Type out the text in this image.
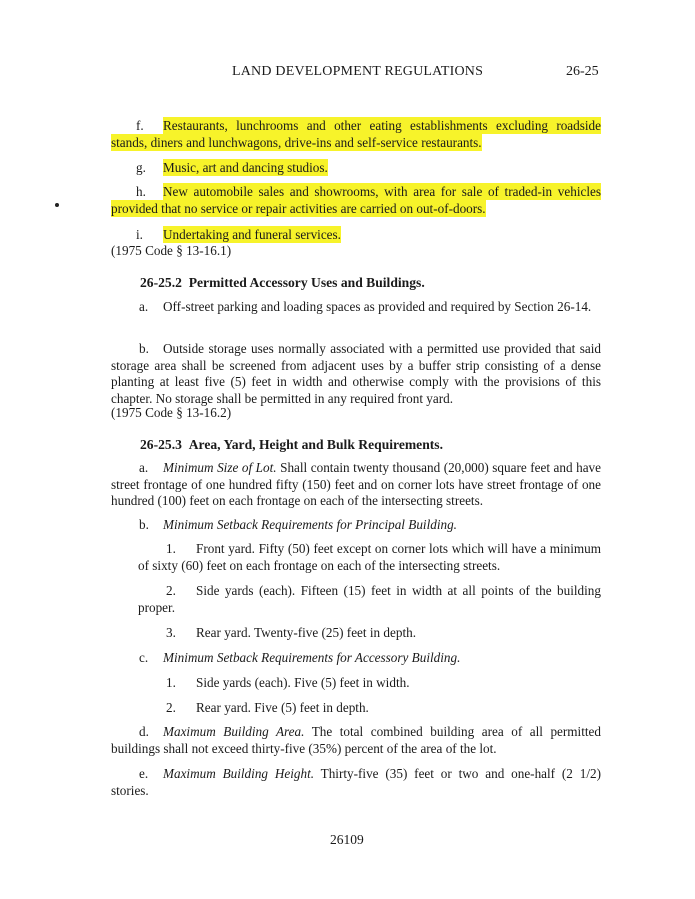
LAND DEVELOPMENT REGULATIONS	26-25
f. Restaurants, lunchrooms and other eating establishments excluding roadside stands, diners and lunchwagons, drive-ins and self-service restaurants.
g. Music, art and dancing studios.
h. New automobile sales and showrooms, with area for sale of traded-in vehicles provided that no service or repair activities are carried on out-of-doors.
i. Undertaking and funeral services.
(1975 Code § 13-16.1)
26-25.2 Permitted Accessory Uses and Buildings.
a. Off-street parking and loading spaces as provided and required by Section 26-14.
b. Outside storage uses normally associated with a permitted use provided that said storage area shall be screened from adjacent uses by a buffer strip consisting of a dense planting at least five (5) feet in width and otherwise comply with the provisions of this chapter. No storage shall be permitted in any required front yard.
(1975 Code § 13-16.2)
26-25.3 Area, Yard, Height and Bulk Requirements.
a. Minimum Size of Lot. Shall contain twenty thousand (20,000) square feet and have street frontage of one hundred fifty (150) feet and on corner lots have street frontage of one hundred (100) feet on each frontage on each of the intersecting streets.
b. Minimum Setback Requirements for Principal Building.
1. Front yard. Fifty (50) feet except on corner lots which will have a minimum of sixty (60) feet on each frontage on each of the intersecting streets.
2. Side yards (each). Fifteen (15) feet in width at all points of the building proper.
3. Rear yard. Twenty-five (25) feet in depth.
c. Minimum Setback Requirements for Accessory Building.
1. Side yards (each). Five (5) feet in width.
2. Rear yard. Five (5) feet in depth.
d. Maximum Building Area. The total combined building area of all permitted buildings shall not exceed thirty-five (35%) percent of the area of the lot.
e. Maximum Building Height. Thirty-five (35) feet or two and one-half (2 1/2) stories.
26109
